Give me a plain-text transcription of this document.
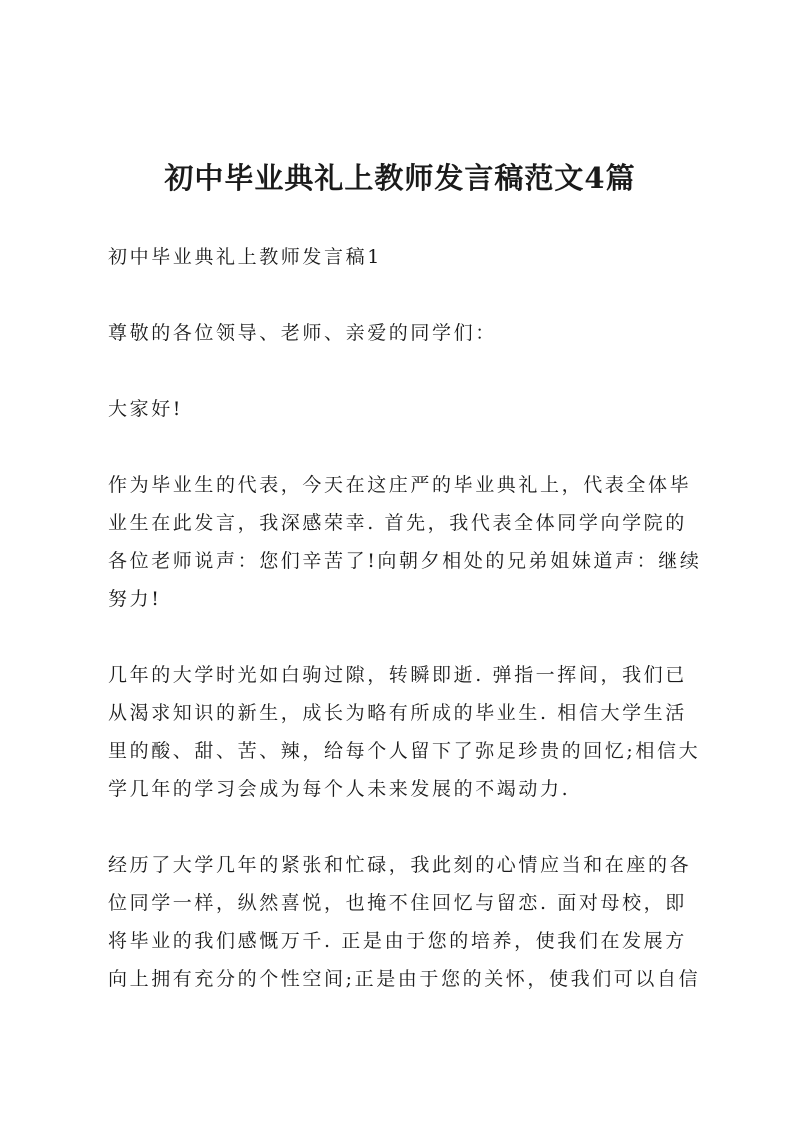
初中毕业典礼上教师发言稿范文4篇
初中毕业典礼上教师发言稿1
尊敬的各位领导、老师、亲爱的同学们：
大家好!
作为毕业生的代表，今天在这庄严的毕业典礼上，代表全体毕
业生在此发言，我深感荣幸. 首先，我代表全体同学向学院的
各位老师说声：您们辛苦了!向朝夕相处的兄弟姐妹道声：继续
努力!
几年的大学时光如白驹过隙，转瞬即逝. 弹指一挥间，我们已
从渴求知识的新生，成长为略有所成的毕业生. 相信大学生活
里的酸、甜、苦、辣，给每个人留下了弥足珍贵的回忆;相信大
学几年的学习会成为每个人未来发展的不竭动力.
经历了大学几年的紧张和忙碌，我此刻的心情应当和在座的各
位同学一样，纵然喜悦，也掩不住回忆与留恋. 面对母校，即
将毕业的我们感慨万千. 正是由于您的培养，使我们在发展方
向上拥有充分的个性空间;正是由于您的关怀，使我们可以自信
